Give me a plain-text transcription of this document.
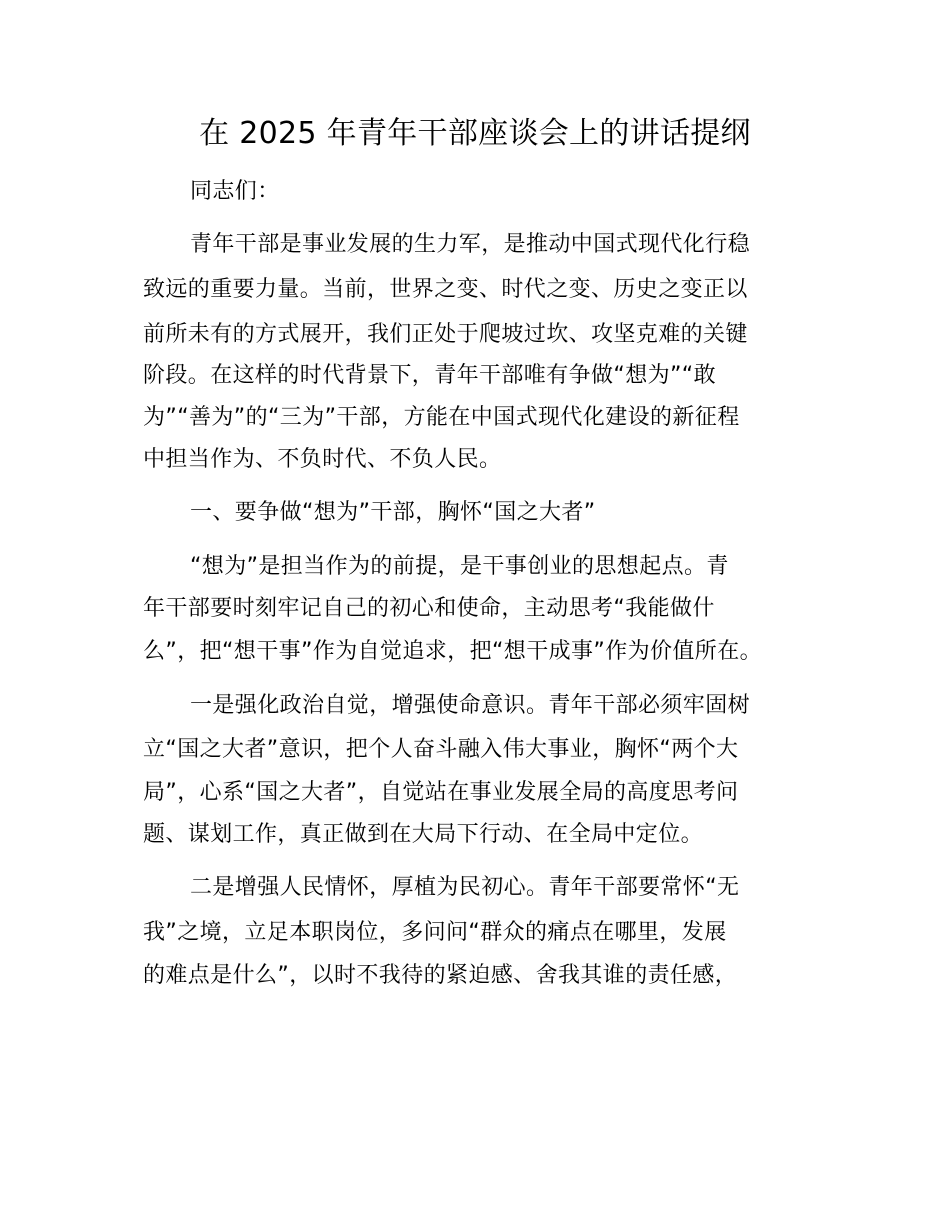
在 2025 年青年干部座谈会上的讲话提纲

同志们：

青年干部是事业发展的生力军，是推动中国式现代化行稳

致远的重要力量。当前，世界之变、时代之变、历史之变正以

前所未有的方式展开，我们正处于爬坡过坎、攻坚克难的关键

阶段。在这样的时代背景下，青年干部唯有争做“想为”“敢

为”“善为”的“三为”干部，方能在中国式现代化建设的新征程

中担当作为、不负时代、不负人民。

一、要争做“想为”干部，胸怀“国之大者”

“想为”是担当作为的前提，是干事创业的思想起点。青

年干部要时刻牢记自己的初心和使命，主动思考“我能做什

么”，把“想干事”作为自觉追求，把“想干成事”作为价值所在。

一是强化政治自觉，增强使命意识。青年干部必须牢固树

立“国之大者”意识，把个人奋斗融入伟大事业，胸怀“两个大

局”，心系“国之大者”，自觉站在事业发展全局的高度思考问

题、谋划工作，真正做到在大局下行动、在全局中定位。

二是增强人民情怀，厚植为民初心。青年干部要常怀“无

我”之境，立足本职岗位，多问问“群众的痛点在哪里，发展

的难点是什么”，以时不我待的紧迫感、舍我其谁的责任感，
